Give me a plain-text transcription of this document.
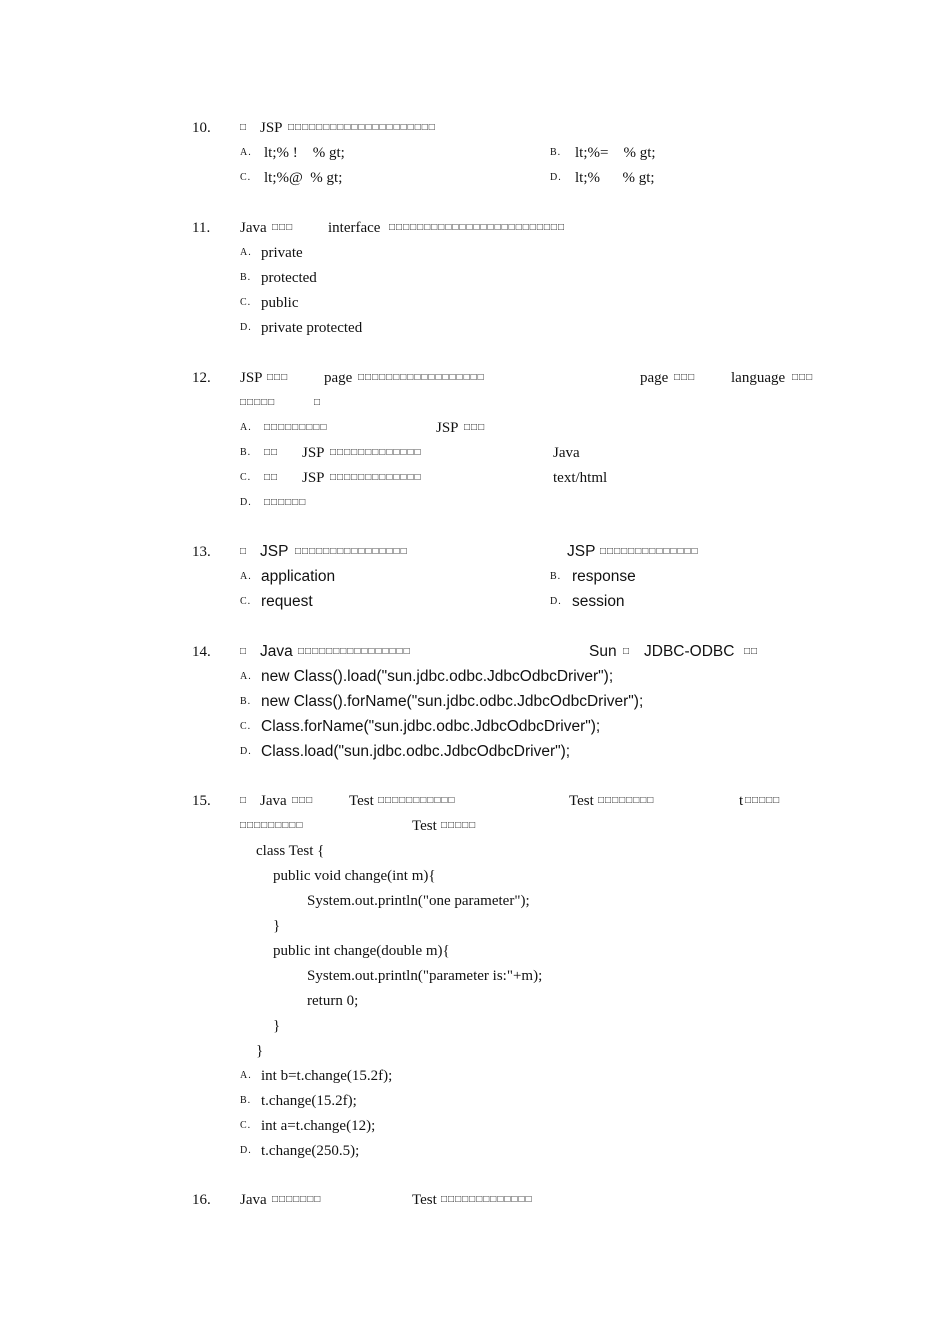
10.	□ JSP □□□□□□□□□□□□□□□□□□□□□
A. lt;% !    % gt;	B. lt;%=    % gt;
C. lt;%@  % gt;	D. lt;%      % gt;
11. Java □□□ interface □□□□□□□□□□□□□□□□□□□□□□□□□
A. private
B. protected
C. public
D. private protected
12. JSP □□□ page □□□□□□□□□□□□□□□□□□	page □□□ language □□□
□□□□□	□
A. □□□□□□□□□	JSP □□□
B. □□ JSP □□□□□□□□□□□□□	Java
C. □□ JSP □□□□□□□□□□□□□	text/html
D. □□□□□□
13.	□ JSP □□□□□□□□□□□□□□□□	JSP □□□□□□□□□□□□□□
A. application	B. response
C. request	D. session
14.	□ Java □□□□□□□□□□□□□□□□	Sun □ JDBC-ODBC □□
A. new Class().load("sun.jdbc.odbc.JdbcOdbcDriver");
B. new Class().forName("sun.jdbc.odbc.JdbcOdbcDriver");
C. Class.forName("sun.jdbc.odbc.JdbcOdbcDriver");
D. Class.load("sun.jdbc.odbc.JdbcOdbcDriver");
15.	□ Java □□□ Test □□□□□□□□□□□	Test □□□□□□□□	t □□□□□
□□□□□□□□□	Test □□□□□
class Test {
public void change(int m){
System.out.println("one parameter");
}
public int change(double m){
System.out.println("parameter is:"+m);
return 0;
}
}
A. int b=t.change(15.2f);
B. t.change(15.2f);
C. int a=t.change(12);
D. t.change(250.5);
16. Java □□□□□□□	Test □□□□□□□□□□□□□
